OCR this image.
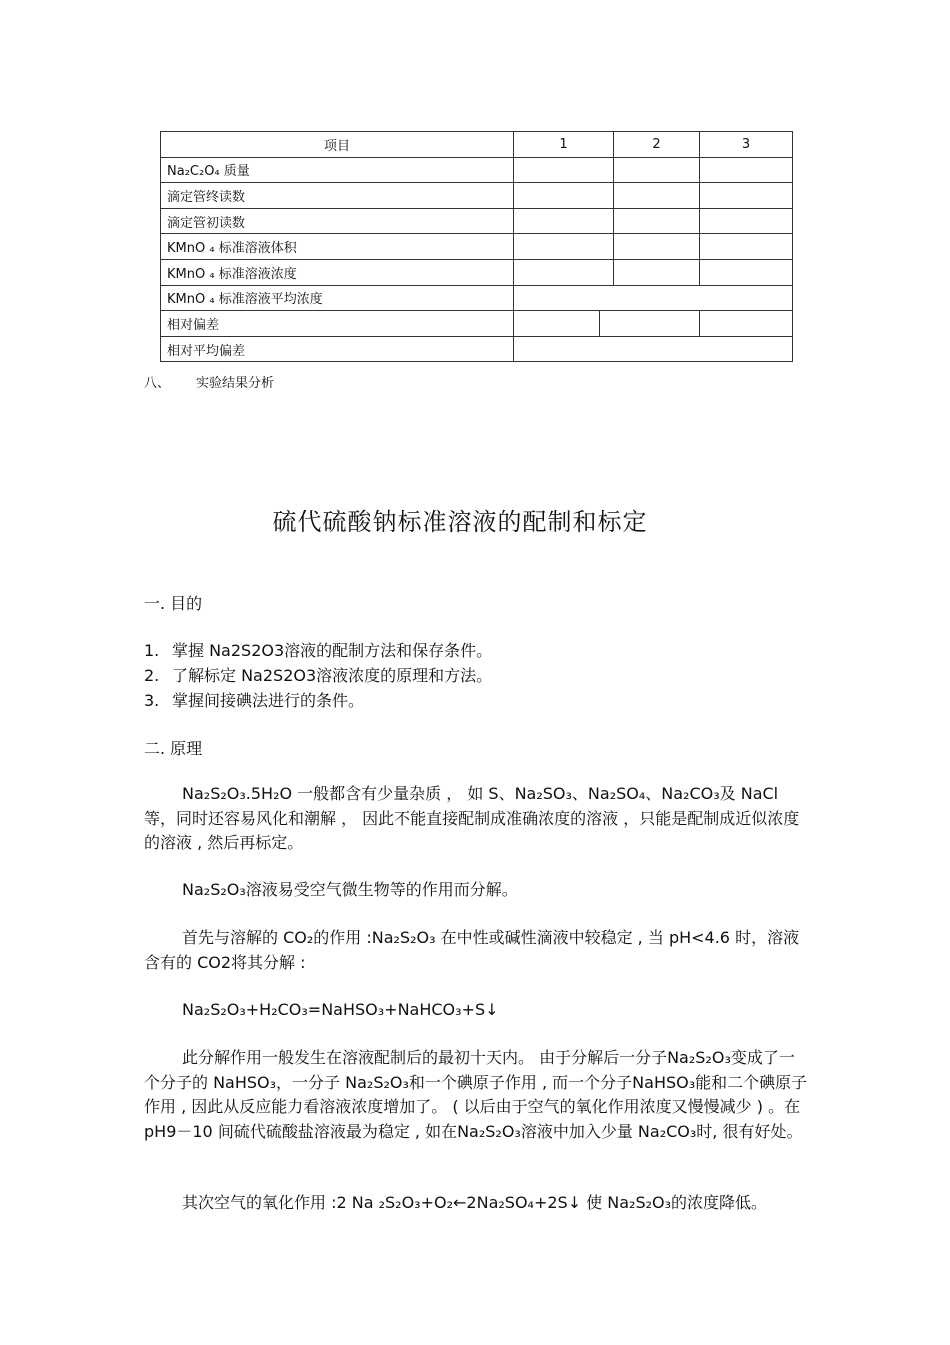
项目	1		2	3
Na₂C₂O₄ 质量				
滴定管终读数				
滴定管初读数				
KMnO ₄ 标准溶液体积				
KMnO ₄ 标准溶液浓度				
KMnO ₄ 标准溶液平均浓度				
相对偏差				
相对平均偏差				
八、 实验结果分析
硫代硫酸钠标准溶液的配制和标定
一. 目的
1. 掌握 Na2S2O3溶液的配制方法和保存条件。
2. 了解标定 Na2S2O3溶液浓度的原理和方法。
3. 掌握间接碘法进行的条件。
二. 原理
Na₂S₂O₃.5H₂O 一般都含有少量杂质 ， 如 S、Na₂SO₃、Na₂SO₄、Na₂CO₃及 NaCl 等，同时还容易风化和潮解 ， 因此不能直接配制成准确浓度的溶液 ，只能是配制成近似浓度的溶液 , 然后再标定。
Na₂S₂O₃溶液易受空气微生物等的作用而分解。
首先与溶解的 CO₂的作用 :Na₂S₂O₃ 在中性或碱性滴液中较稳定 , 当 pH<4.6 时，溶液含有的 CO2将其分解 :
Na₂S₂O₃+H₂CO₃=NaHSO₃+NaHCO₃+S↓
此分解作用一般发生在溶液配制后的最初十天内。 由于分解后一分子Na₂S₂O₃变成了一个分子的 NaHSO₃，一分子 Na₂S₂O₃和一个碘原子作用 , 而一个分子NaHSO₃能和二个碘原子作用 , 因此从反应能力看溶液浓度增加了。 ( 以后由于空气的氧化作用浓度又慢慢减少 ) 。在 pH9－10 间硫代硫酸盐溶液最为稳定 , 如在Na₂S₂O₃溶液中加入少量 Na₂CO₃时, 很有好处。
其次空气的氧化作用 :2 Na ₂S₂O₃+O₂←2Na₂SO₄+2S↓ 使 Na₂S₂O₃的浓度降低。
